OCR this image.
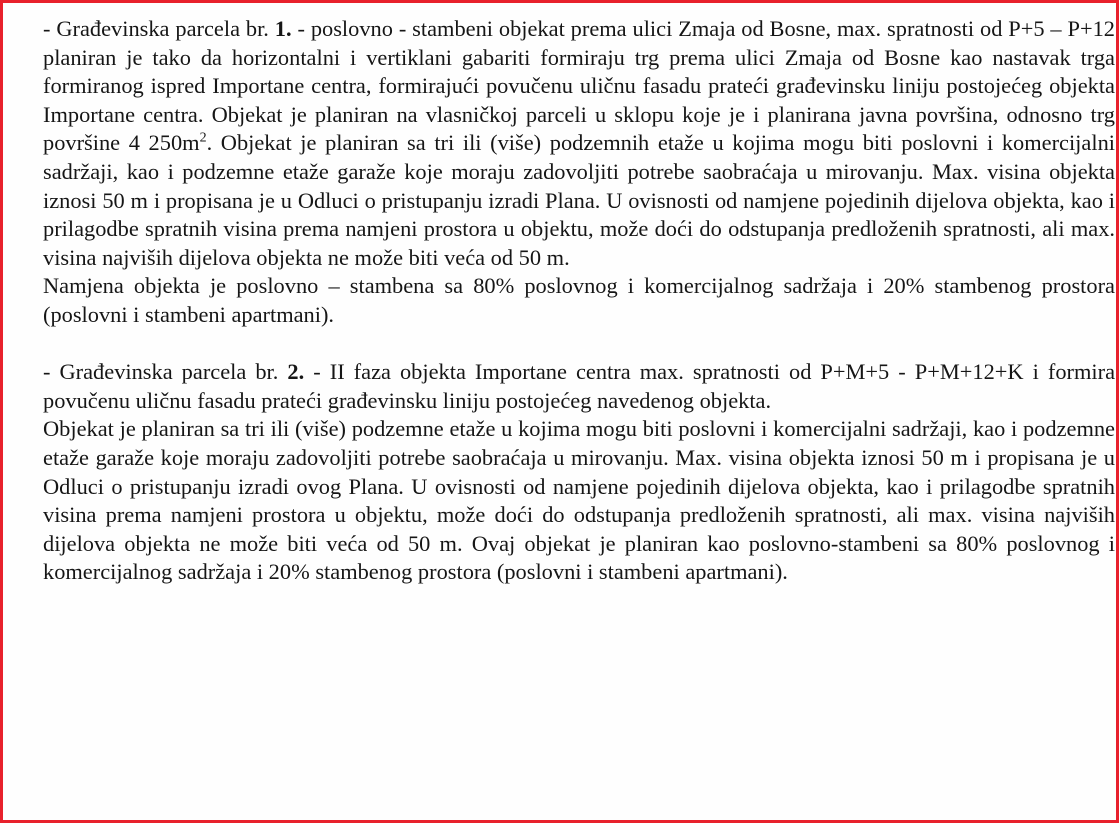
- Građevinska parcela br. 1. - poslovno - stambeni objekat prema ulici Zmaja od Bosne, max. spratnosti od P+5 – P+12 planiran je tako da horizontalni i vertiklani gabariti formiraju trg prema ulici Zmaja od Bosne kao nastavak trga formiranog ispred Importane centra, formirajući povučenu uličnu fasadu prateći građevinsku liniju postojećeg objekta Importane centra. Objekat je planiran na vlasničkoj parceli u sklopu koje je i planirana javna površina, odnosno trg površine 4 $250m^2$. Objekat je planiran sa tri ili (više) podzemnih etaže u kojima mogu biti poslovni i komercijalni sadržaji, kao i podzemne etaže garaže koje moraju zadovoljiti potrebe saobraćaja u mirovanju. Max. visina objekta iznosi 50 m i propisana je u Odluci o pristupanju izradi Plana. U ovisnosti od namjene pojedinih dijelova objekta, kao i prilagodbe spratnih visina prema namjeni prostora u objektu, može doći do odstupanja predloženih spratnosti, ali max. visina najviših dijelova objekta ne može biti veća od 50 m.

Namjena objekta je poslovno – stambena sa 80% poslovnog i komercijalnog sadržaja i 20% stambenog prostora (poslovni i stambeni apartmani).

- Građevinska parcela br. 2. - II faza objekta Importane centra max. spratnosti od P+M+5 - P+M+12+K i formira povučenu uličnu fasadu prateći građevinsku liniju postojećeg navedenog objekta.

Objekat je planiran sa tri ili (više) podzemne etaže u kojima mogu biti poslovni i komercijalni sadržaji, kao i podzemne etaže garaže koje moraju zadovoljiti potrebe saobraćaja u mirovanju. Max. visina objekta iznosi 50 m i propisana je u Odluci o pristupanju izradi ovog Plana. U ovisnosti od namjene pojedinih dijelova objekta, kao i prilagodbe spratnih visina prema namjeni prostora u objektu, može doći do odstupanja predloženih spratnosti, ali max. visina najviših dijelova objekta ne može biti veća od 50 m. Ovaj objekat je planiran kao poslovno-stambeni sa 80% poslovnog i komercijalnog sadržaja i 20% stambenog prostora (poslovni i stambeni apartmani).
